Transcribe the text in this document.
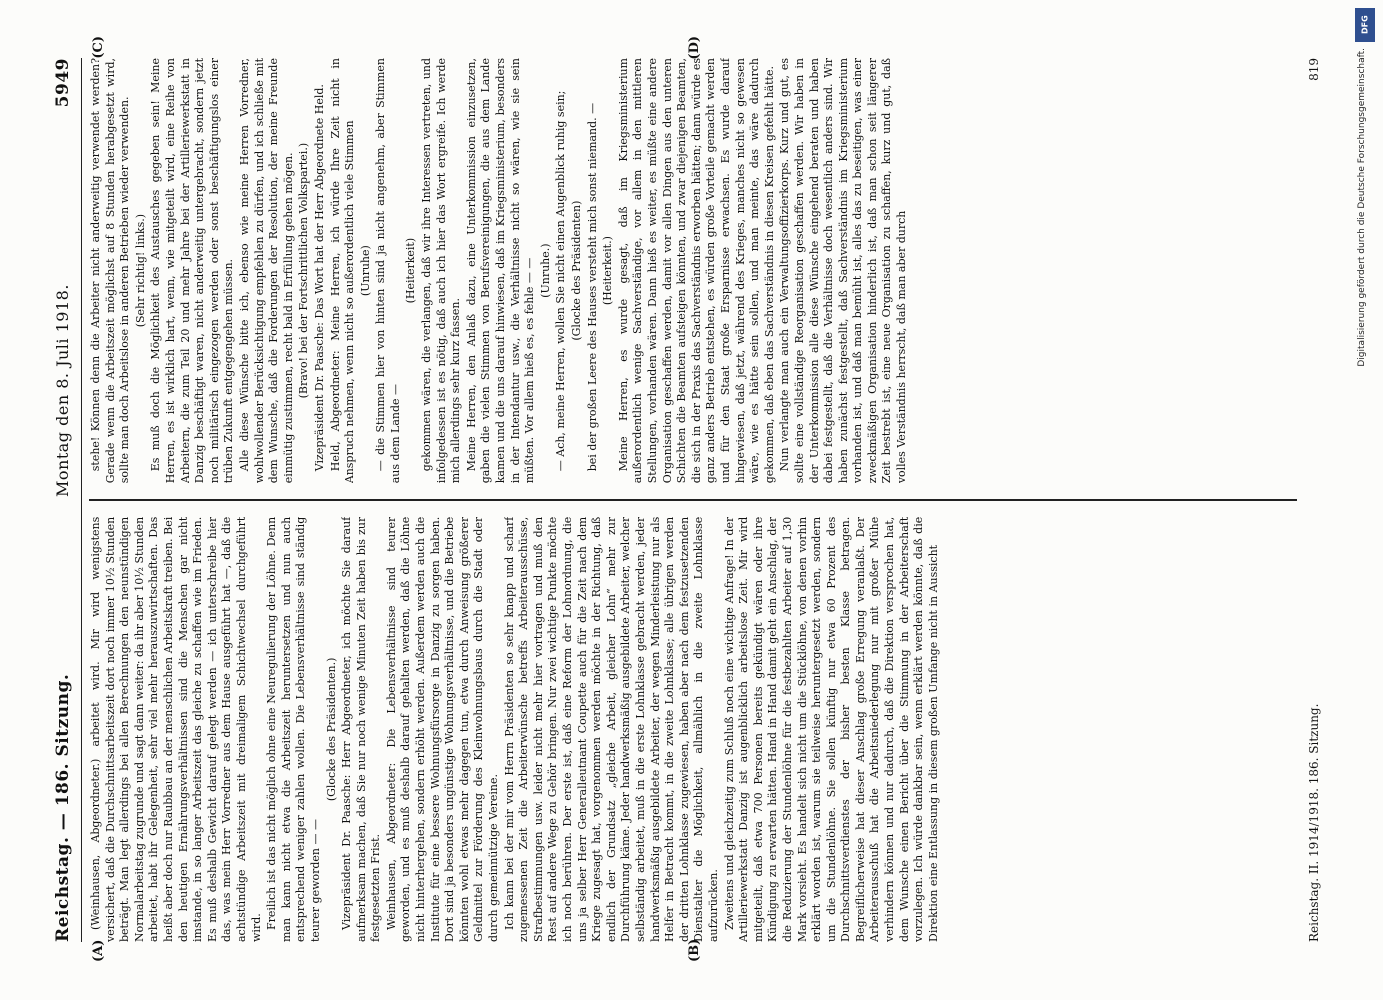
Reichstag. — 186. Sitzung.
Montag den 8. Juli 1918.
5949

(Weinhausen, Abgeordneter.) arbeitet wird. Mir wird wenigstens versichert, daß die Durchschnittsarbeitszeit dort noch immer 10½ Stunden beträgt. Man legt allerdings bei allen Berechnungen den neunstündigen Normalarbeitstag zugrunde und sagt dann weiter: da ihr aber 10½ Stunden arbeitet, habt ihr Gelegenheit, sehr viel mehr herauszuwirtschaften. Das heißt aber doch nur Raubbau an der menschlichen Arbeitskraft treiben. Bei den heutigen Ernährungsverhältnissen sind die Menschen gar nicht imstande, in so langer Arbeitszeit das gleiche zu schaffen wie im Frieden. Es muß deshalb Gewicht darauf gelegt werden — ich unterschreibe hier das, was mein Herr Vorredner aus dem Hause ausgeführt hat —, daß die achtstündige Arbeitszeit mit dreimaligem Schichtwechsel durchgeführt wird. Freilich ist das nicht möglich ohne eine Neuregulierung der Löhne. Denn man kann nicht etwa die Arbeitszeit heruntersetzen und nun auch entsprechend weniger zahlen wollen. Die Lebensverhältnisse sind ständig teurer geworden — —

(Glocke des Präsidenten.) Vizepräsident Dr. Paasche: Herr Abgeordneter, ich möchte Sie darauf aufmerksam machen, daß Sie nur noch wenige Minuten Zeit haben bis zur festgesetzten Frist. Weinhausen, Abgeordneter: Die Lebensverhältnisse sind teurer geworden, und es muß deshalb darauf gehalten werden, daß die Löhne nicht hinterhergehen, sondern erhöht werden. Außerdem werden auch die Institute für eine bessere Wohnungsfürsorge in Danzig zu sorgen haben. Dort sind ja besonders ungünstige Wohnungsverhältnisse, und die Betriebe könnten wohl etwas mehr dagegen tun, etwa durch Anweisung größerer Geldmittel zur Förderung des Kleinwohnungsbaus durch die Stadt oder durch gemeinnützige Vereine. Ich kann bei der mir vom Herrn Präsidenten so sehr knapp und scharf zugemessenen Zeit die Arbeiterwünsche betreffs Arbeiterausschüsse, Strafbestimmungen usw. leider nicht mehr hier vortragen und muß den Rest auf andere Wege zu Gehör bringen. Nur zwei wichtige Punkte möchte ich noch berühren. Der erste ist, daß eine Reform der Lohnordnung, die uns ja selber Herr Generalleutnant Coupette auch für die Zeit nach dem Kriege zugesagt hat, vorgenommen werden möchte in der Richtung, daß endlich der Grundsatz „gleiche Arbeit, gleicher Lohn“ mehr zur Durchführung käme. Jeder handwerksmäßig ausgebildete Arbeiter, welcher selbständig arbeitet, muß in die erste Lohnklasse gebracht werden, jeder handwerksmäßig ausgebildete Arbeiter, der wegen Minderleistung nur als Helfer in Betracht kommt, in die zweite Lohnklasse; alle übrigen werden der dritten Lohnklasse zugewiesen, haben aber nach dem festzusetzenden Dienstalter die Möglichkeit, allmählich in die zweite Lohnklasse aufzurücken. Zweitens und gleichzeitig zum Schluß noch eine wichtige Anfrage! In der Artilleriewerkstatt Danzig ist augenblicklich arbeitslose Zeit. Mir wird mitgeteilt, daß etwa 700 Personen bereits gekündigt wären oder ihre Kündigung zu erwarten hätten. Hand in Hand damit geht ein Anschlag, der die Reduzierung der Stundenlöhne für die festbezahlten Arbeiter auf 1,30 Mark vorsieht. Es handelt sich nicht um die Stücklöhne, von denen vorhin erklärt worden ist, warum sie teilweise heruntergesetzt werden, sondern um die Stundenlöhne. Sie sollen künftig nur etwa 60 Prozent des Durchschnittsverdienstes der bisher besten Klasse betragen. Begreiflicherweise hat dieser Anschlag große Erregung veranlaßt. Der Arbeiterausschuß hat die Arbeitsniederlegung nur mit großer Mühe verhindern können und nur dadurch, daß die Direktion versprochen hat, dem Wunsche einen Bericht über die Stimmung in der Arbeiterschaft vorzulegen. Ich würde dankbar sein, wenn erklärt werden könnte, daß die Direktion eine Entlassung in diesem großen Umfange nicht in Aussicht

stehe! Können denn die Arbeiter nicht anderweitig verwendet werden? Gerade wenn die Arbeitszeit möglichst auf 8 Stunden herabgesetzt wird, sollte man doch Arbeitslose in anderen Betrieben wieder verwenden. (Sehr richtig! links.) Es muß doch die Möglichkeit des Austausches gegeben sein! Meine Herren, es ist wirklich hart, wenn, wie mitgeteilt wird, eine Reihe von Arbeitern, die zum Teil 20 und mehr Jahre bei der Artilleriewerkstatt in Danzig beschäftigt waren, nicht anderweitig untergebracht, sondern jetzt noch militärisch eingezogen werden oder sonst beschäftigungslos einer trüben Zukunft entgegengehen müssen. Alle diese Wünsche bitte ich, ebenso wie meine Herren Vorredner, wohlwollender Berücksichtigung empfehlen zu dürfen, und ich schließe mit dem Wunsche, daß die Forderungen der Resolution, der meine Freunde einmütig zustimmen, recht bald in Erfüllung gehen mögen. (Bravo! bei der Fortschrittlichen Volkspartei.) Vizepräsident Dr. Paasche: Das Wort hat der Herr Abgeordnete Held. Held, Abgeordneter: Meine Herren, ich würde Ihre Zeit nicht in Anspruch nehmen, wenn nicht so außerordentlich viele Stimmen (Unruhe) — die Stimmen hier von hinten sind ja nicht angenehm, aber Stimmen aus dem Lande —

(Heiterkeit) gekommen wären, die verlangen, daß wir ihre Interessen vertreten, und infolgedessen ist es nötig, daß auch ich hier das Wort ergreife. Ich werde mich allerdings sehr kurz fassen. Meine Herren, den Anlaß dazu, eine Unterkommission einzusetzen, gaben die vielen Stimmen von Berufsvereinigungen, die aus dem Lande kamen und die uns darauf hinwiesen, daß im Kriegsministerium, besonders in der Intendantur usw., die Verhältnisse nicht so wären, wie sie sein müßten. Vor allem hieß es, es fehle — — (Unruhe.) — Ach, meine Herren, wollen Sie nicht einen Augenblick ruhig sein; (Glocke des Präsidenten) bei der großen Leere des Hauses versteht mich sonst niemand. — (Heiterkeit.) Meine Herren, es wurde gesagt, daß im Kriegsministerium außerordentlich wenige Sachverständige, vor allem in den mittleren Stellungen, vorhanden wären. Dann hieß es weiter, es müßte eine andere Organisation geschaffen werden, damit vor allen Dingen aus den unteren Schichten die Beamten aufsteigen könnten, und zwar diejenigen Beamten, die sich in der Praxis das Sachverständnis erworben hätten; dann würde es ganz anders Betrieb entstehen, es würden große Vorteile gemacht werden und für den Staat große Ersparnisse erwachsen. Es wurde darauf hingewiesen, daß jetzt, während des Krieges, manches nicht so gewesen wäre, wie es hätte sein sollen, und man meinte, das wäre dadurch gekommen, daß eben das Sachverständnis in diesen Kreisen gefehlt hätte. Nun verlangte man auch ein Verwaltungsoffizierkorps. Kurz und gut, es sollte eine vollständige Reorganisation geschaffen werden. Wir haben in der Unterkommission alle diese Wünsche eingehend beraten und haben dabei festgestellt, daß die Verhältnisse doch wesentlich anders sind. Wir haben zunächst festgestellt, daß Sachverständnis im Kriegsministerium vorhanden ist, und daß man bemüht ist, alles das zu beseitigen, was einer zweckmäßigen Organisation hinderlich ist, daß man schon seit längerer Zeit bestrebt ist, eine neue Organisation zu schaffen, kurz und gut, daß volles Verständnis herrscht, daß man aber durch

Reichstag. II. 1914/1918. 186. Sitzung.
819
(A)	(B)
(C)	(D)
DFG
Digitalisierung gefördert durch die Deutsche Forschungsgemeinschaft.
